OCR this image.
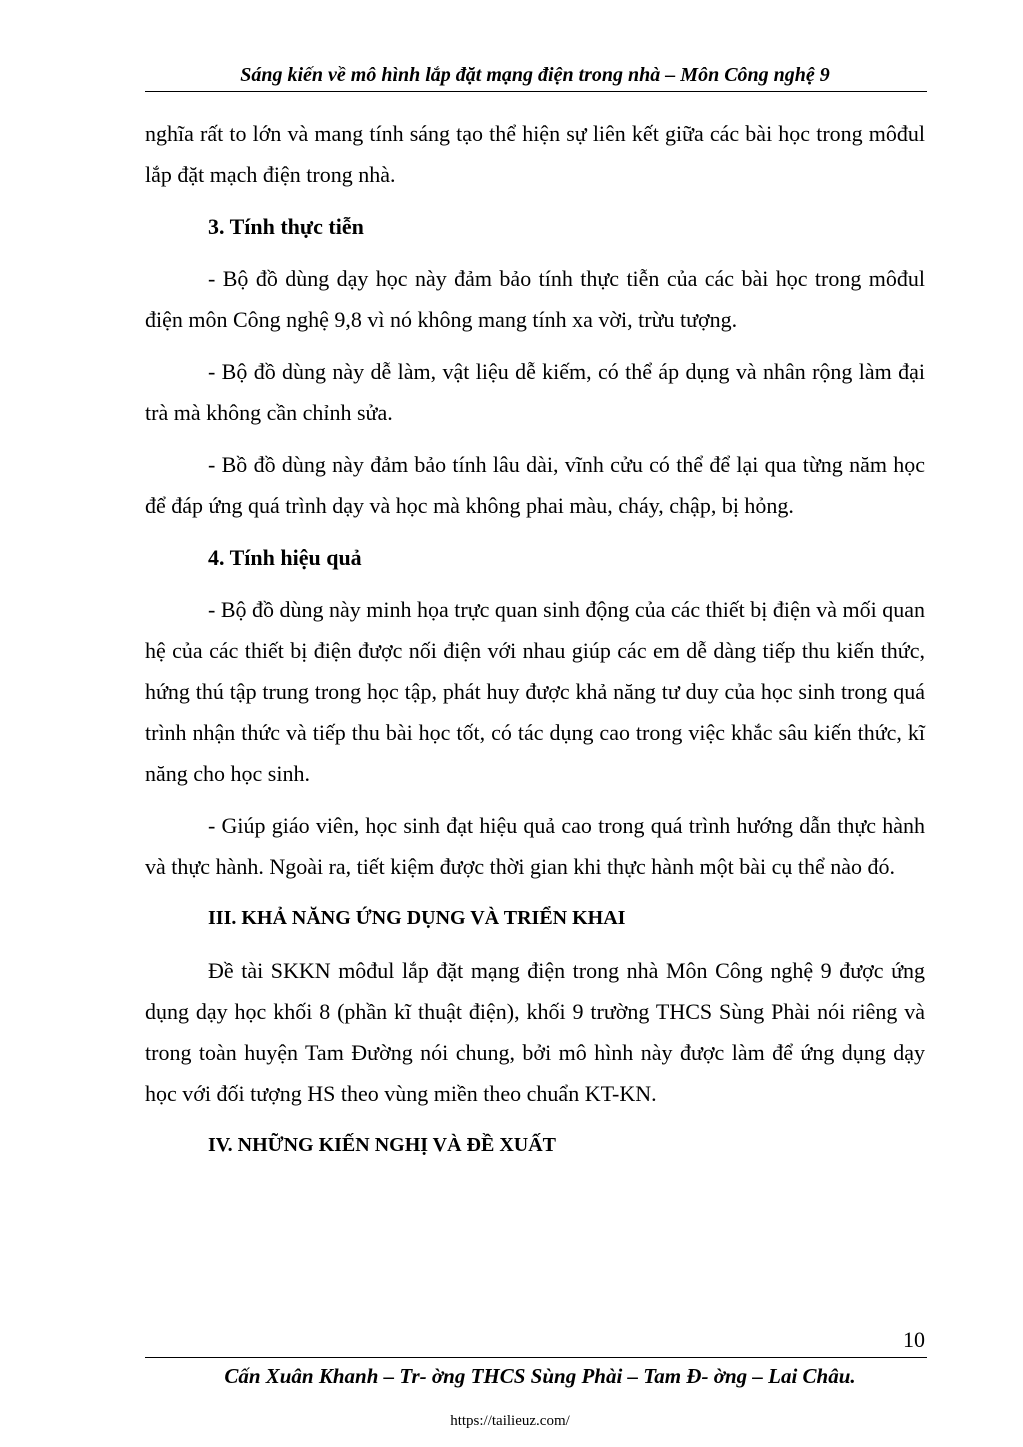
Sáng kiến về mô hình lắp đặt mạng điện trong nhà – Môn Công nghệ 9

nghĩa rất to lớn và mang tính sáng tạo thể hiện sự liên kết giữa các bài học trong môđul lắp đặt mạch điện trong nhà.

3. Tính thực tiễn

- Bộ đồ dùng dạy học này đảm bảo tính thực tiễn của các bài học trong môđul điện môn Công nghệ 9,8 vì nó không mang tính xa vời, trừu tượng.

- Bộ đồ dùng này dễ làm, vật liệu dễ kiếm, có thể áp dụng và nhân rộng làm đại trà mà không cần chỉnh sửa.

- Bồ đồ dùng này đảm bảo tính lâu dài, vĩnh cửu có thể để lại qua từng năm học để đáp ứng quá trình dạy và học mà không phai màu, cháy, chập, bị hỏng.

4. Tính hiệu quả

- Bộ đồ dùng này minh họa trực quan sinh động của các thiết bị điện và mối quan hệ của các thiết bị điện được nối điện với nhau giúp các em dễ dàng tiếp thu kiến thức, hứng thú tập trung trong học tập, phát huy được khả năng tư duy của học sinh trong quá trình nhận thức và tiếp thu bài học tốt, có tác dụng cao trong việc khắc sâu kiến thức, kĩ năng cho học sinh.

- Giúp giáo viên, học sinh đạt hiệu quả cao trong quá trình hướng dẫn thực hành và thực hành. Ngoài ra, tiết kiệm được thời gian khi thực hành một bài cụ thể nào đó.

III. KHẢ NĂNG ỨNG DỤNG VÀ TRIỂN KHAI

Đề tài SKKN môđul lắp đặt mạng điện trong nhà Môn Công nghệ 9 được ứng dụng dạy học khối 8 (phần kĩ thuật điện), khối 9 trường THCS Sùng Phài nói riêng và trong toàn huyện Tam Đường nói chung, bởi mô hình này được làm để ứng dụng dạy học với đối tượng HS theo vùng miền theo chuẩn KT-KN.

IV. NHỮNG KIẾN NGHỊ VÀ ĐỀ XUẤT
10
Cấn Xuân Khanh – Tr- ờng THCS Sùng Phài – Tam Đ- ờng – Lai Châu.
https://tailieuz.com/
